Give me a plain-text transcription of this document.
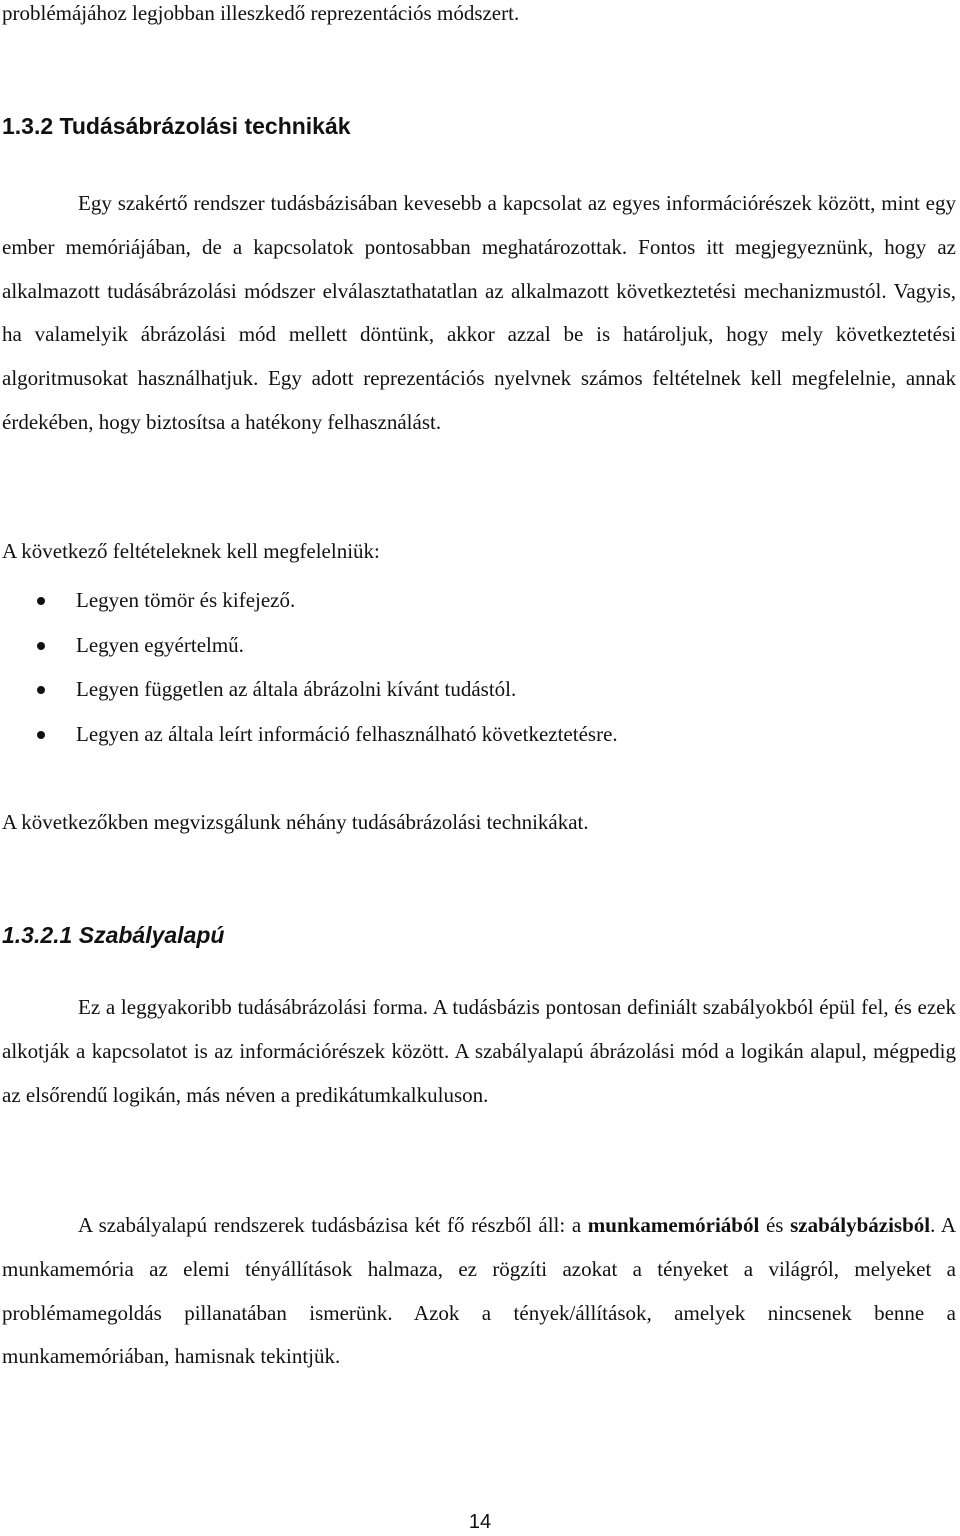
problémájához legjobban illeszkedő reprezentációs módszert.

1.3.2 Tudásábrázolási technikák

Egy szakértő rendszer tudásbázisában kevesebb a kapcsolat az egyes információrészek között, mint egy ember memóriájában, de a kapcsolatok pontosabban meghatározottak. Fontos itt megjegyeznünk, hogy az alkalmazott tudásábrázolási módszer elválasztathatatlan az alkalmazott következtetési mechanizmustól. Vagyis, ha valamelyik ábrázolási mód mellett döntünk, akkor azzal be is határoljuk, hogy mely következtetési algoritmusokat használhatjuk. Egy adott reprezentációs nyelvnek számos feltételnek kell megfelelnie, annak érdekében, hogy biztosítsa a hatékony felhasználást.

A következő feltételeknek kell megfelelniük:

Legyen tömör és kifejező.
Legyen egyértelmű.
Legyen független az általa ábrázolni kívánt tudástól.
Legyen az általa leírt információ felhasználható következtetésre.

A következőkben megvizsgálunk néhány tudásábrázolási technikákat.

1.3.2.1 Szabályalapú

Ez a leggyakoribb tudásábrázolási forma. A tudásbázis pontosan definiált szabályokból épül fel, és ezek alkotják a kapcsolatot is az információrészek között. A szabályalapú ábrázolási mód a logikán alapul, mégpedig az elsőrendű logikán, más néven a predikátumkalkuluson.

A szabályalapú rendszerek tudásbázisa két fő részből áll: a munkamemóriából és szabálybázisból. A munkamemória az elemi tényállítások halmaza, ez rögzíti azokat a tényeket a világról, melyeket a problémamegoldás pillanatában ismerünk. Azok a tények/állítások, amelyek nincsenek benne a munkamemóriában, hamisnak tekintjük.

14
